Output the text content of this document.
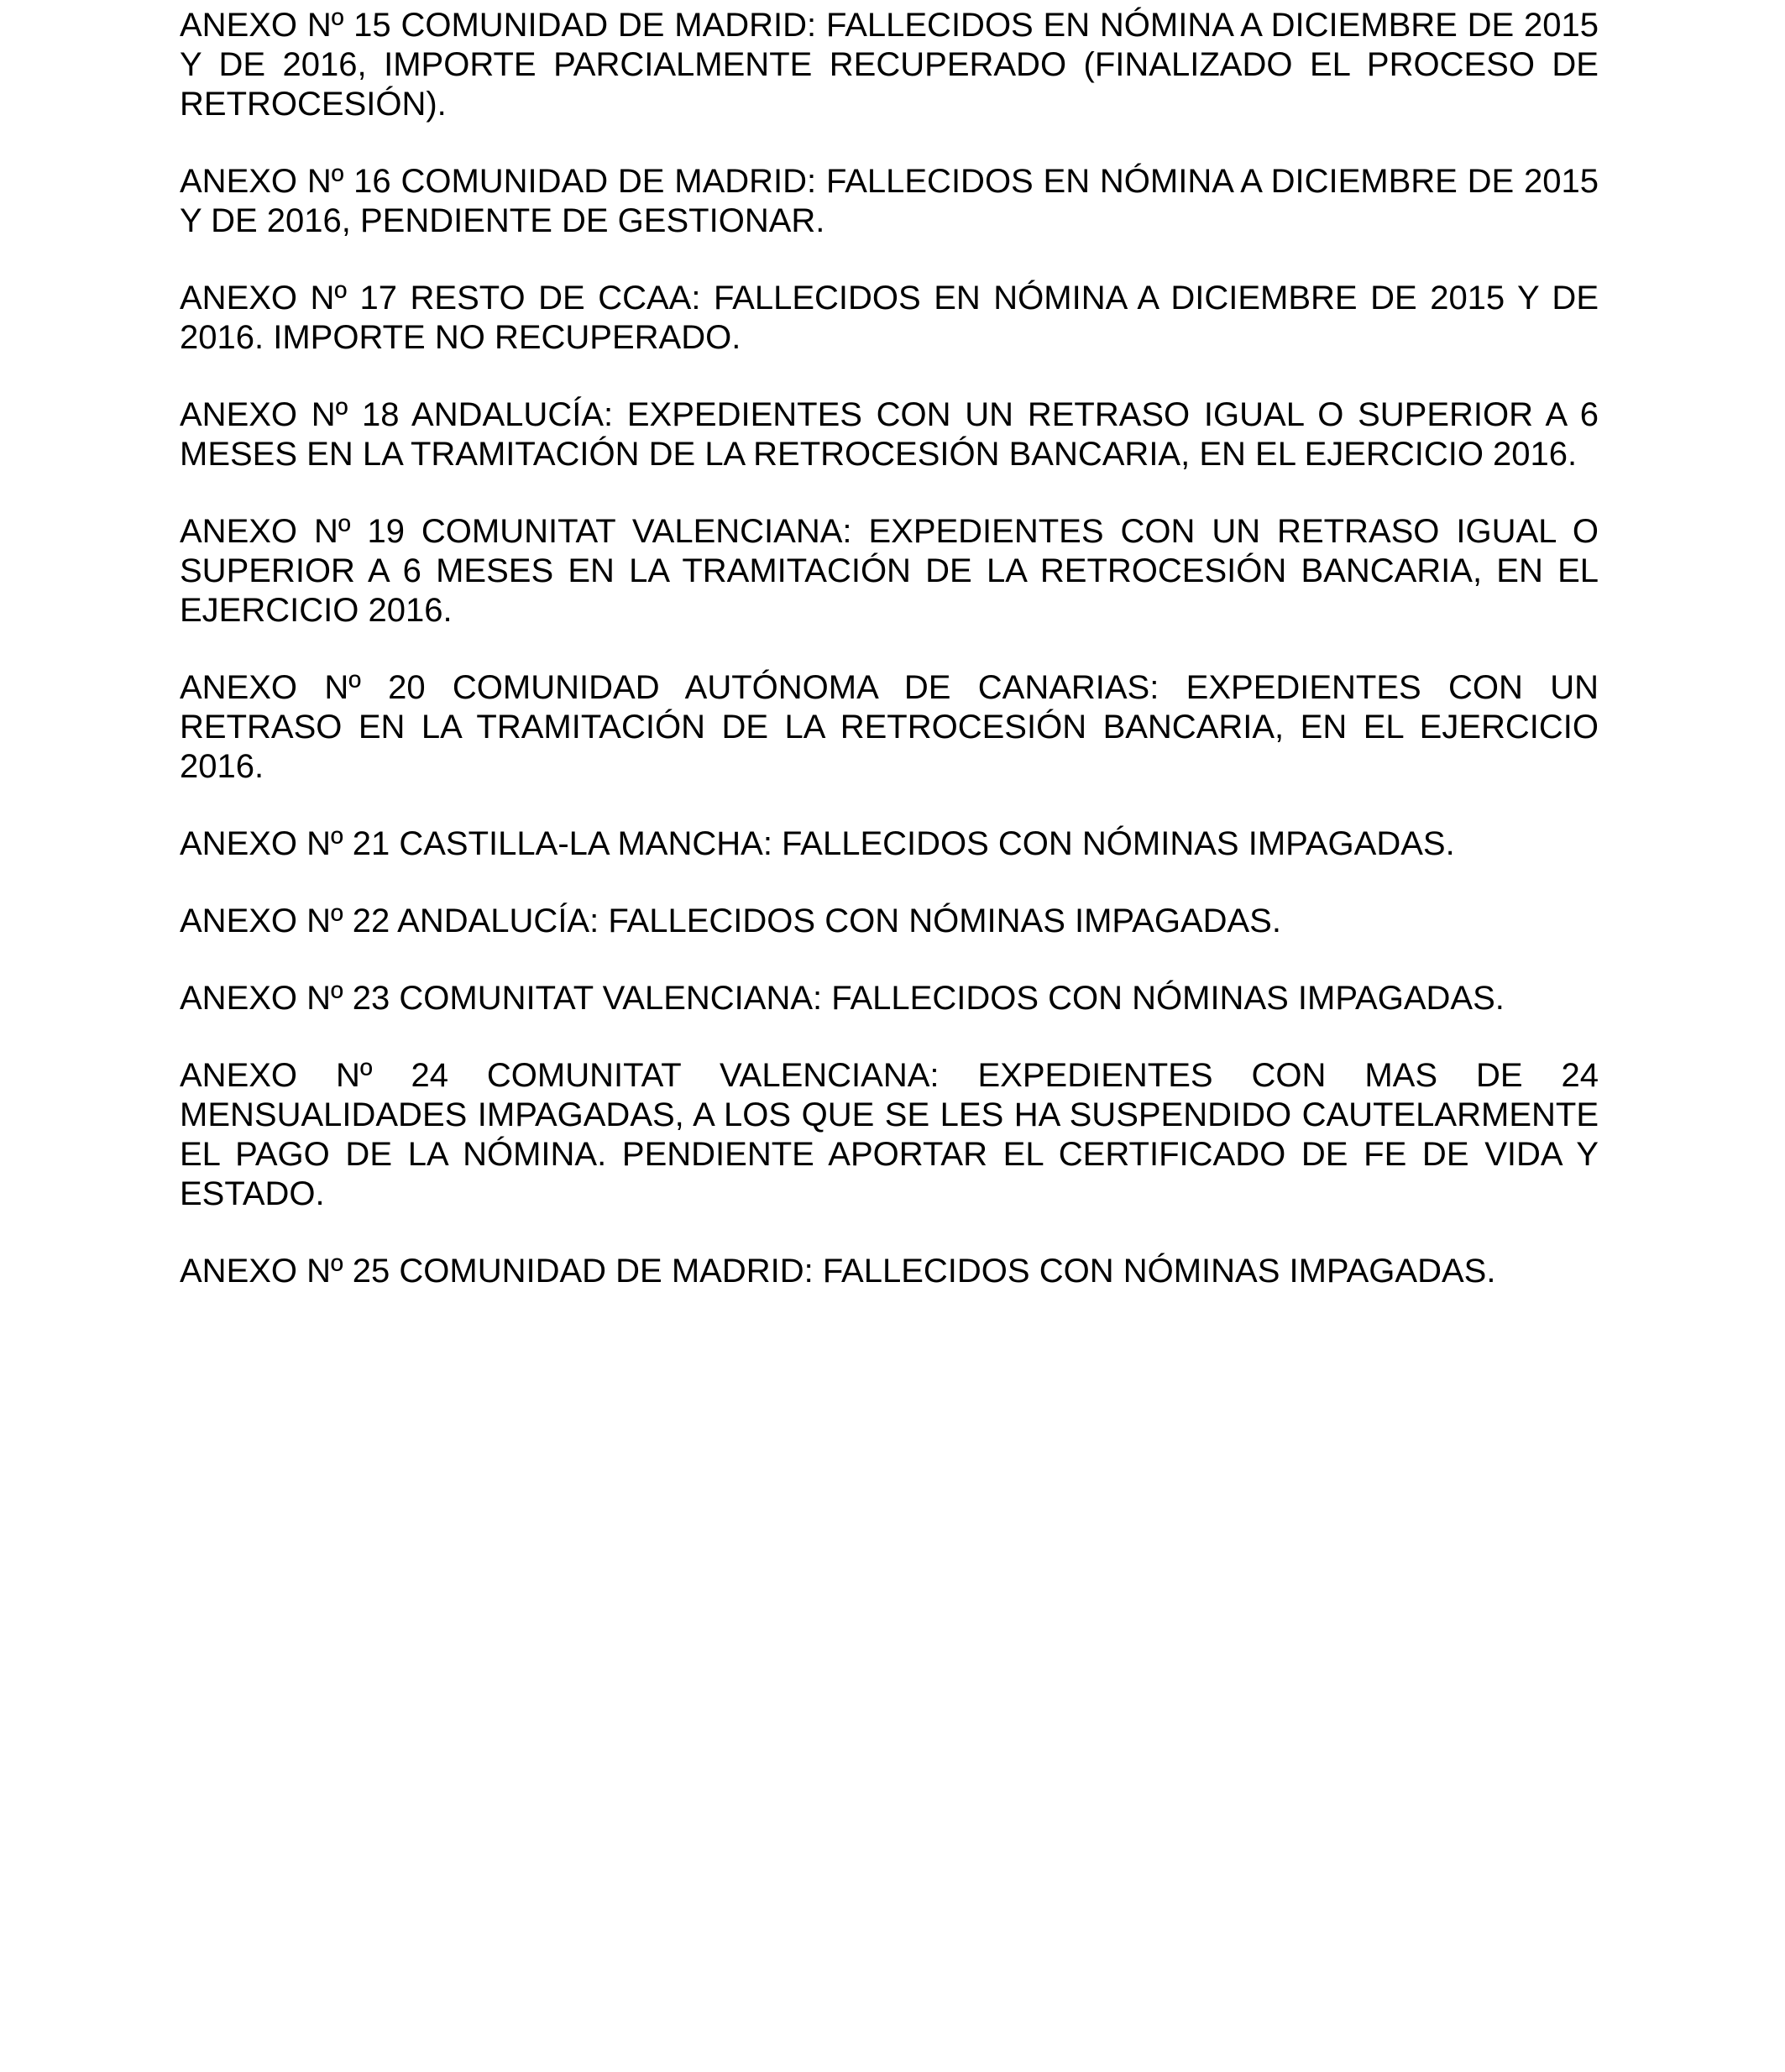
ANEXO Nº 15 COMUNIDAD DE MADRID: FALLECIDOS EN NÓMINA A DICIEMBRE DE 2015 Y DE 2016, IMPORTE PARCIALMENTE RECUPERADO (FINALIZADO EL PROCESO DE RETROCESIÓN).

ANEXO Nº 16 COMUNIDAD DE MADRID: FALLECIDOS EN NÓMINA A DICIEMBRE DE 2015 Y DE 2016, PENDIENTE DE GESTIONAR.

ANEXO Nº 17 RESTO DE CCAA: FALLECIDOS EN NÓMINA A DICIEMBRE DE 2015 Y DE 2016. IMPORTE NO RECUPERADO.

ANEXO Nº 18 ANDALUCÍA: EXPEDIENTES CON UN RETRASO IGUAL O SUPERIOR A 6 MESES EN LA TRAMITACIÓN DE LA RETROCESIÓN BANCARIA, EN EL EJERCICIO 2016.

ANEXO Nº 19 COMUNITAT VALENCIANA: EXPEDIENTES CON UN RETRASO IGUAL O SUPERIOR A 6 MESES EN LA TRAMITACIÓN DE LA RETROCESIÓN BANCARIA, EN EL EJERCICIO 2016.

ANEXO Nº 20 COMUNIDAD AUTÓNOMA DE CANARIAS: EXPEDIENTES CON UN RETRASO EN LA TRAMITACIÓN DE LA RETROCESIÓN BANCARIA, EN EL EJERCICIO 2016.

ANEXO Nº 21 CASTILLA-LA MANCHA: FALLECIDOS CON NÓMINAS IMPAGADAS.

ANEXO Nº 22 ANDALUCÍA: FALLECIDOS CON NÓMINAS IMPAGADAS.

ANEXO Nº 23 COMUNITAT VALENCIANA: FALLECIDOS CON NÓMINAS IMPAGADAS.

ANEXO Nº 24 COMUNITAT VALENCIANA: EXPEDIENTES CON MAS DE 24 MENSUALIDADES IMPAGADAS, A LOS QUE SE LES HA SUSPENDIDO CAUTELARMENTE EL PAGO DE LA NÓMINA. PENDIENTE APORTAR EL CERTIFICADO DE FE DE VIDA Y ESTADO.

ANEXO Nº 25 COMUNIDAD DE MADRID: FALLECIDOS CON NÓMINAS IMPAGADAS.
